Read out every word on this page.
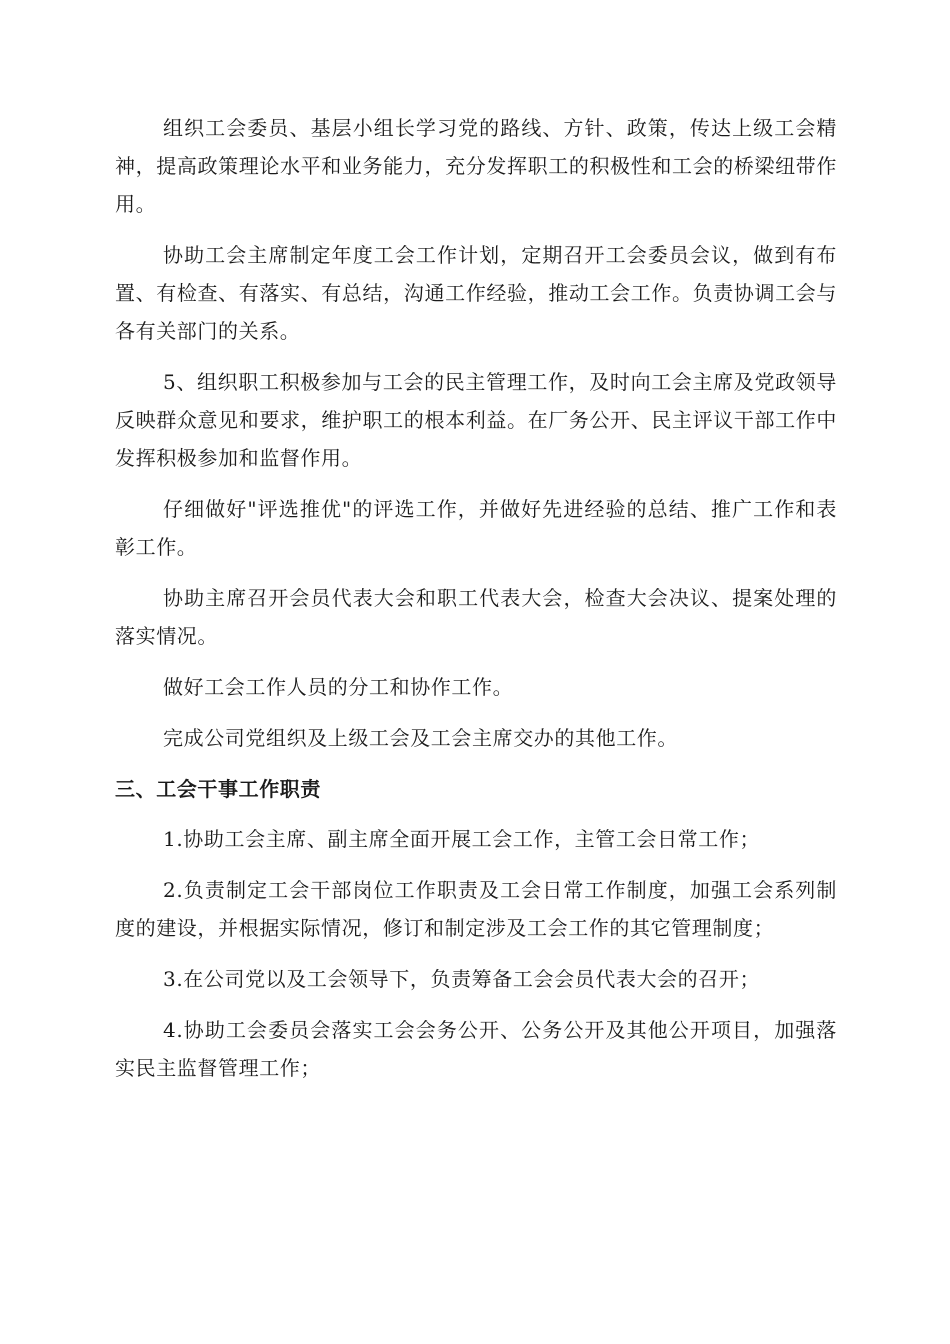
组织工会委员、基层小组长学习党的路线、方针、政策，传达上级工会精神，提高政策理论水平和业务能力，充分发挥职工的积极性和工会的桥梁纽带作用。

协助工会主席制定年度工会工作计划，定期召开工会委员会议，做到有布置、有检查、有落实、有总结，沟通工作经验，推动工会工作。负责协调工会与各有关部门的关系。

5、组织职工积极参加与工会的民主管理工作，及时向工会主席及党政领导反映群众意见和要求，维护职工的根本利益。在厂务公开、民主评议干部工作中发挥积极参加和监督作用。

仔细做好"评选推优"的评选工作，并做好先进经验的总结、推广工作和表彰工作。

协助主席召开会员代表大会和职工代表大会，检查大会决议、提案处理的落实情况。

做好工会工作人员的分工和协作工作。

完成公司党组织及上级工会及工会主席交办的其他工作。

三、工会干事工作职责

1.协助工会主席、副主席全面开展工会工作，主管工会日常工作；

2.负责制定工会干部岗位工作职责及工会日常工作制度，加强工会系列制度的建设，并根据实际情况，修订和制定涉及工会工作的其它管理制度；

3.在公司党以及工会领导下，负责筹备工会会员代表大会的召开；

4.协助工会委员会落实工会会务公开、公务公开及其他公开项目，加强落实民主监督管理工作；
